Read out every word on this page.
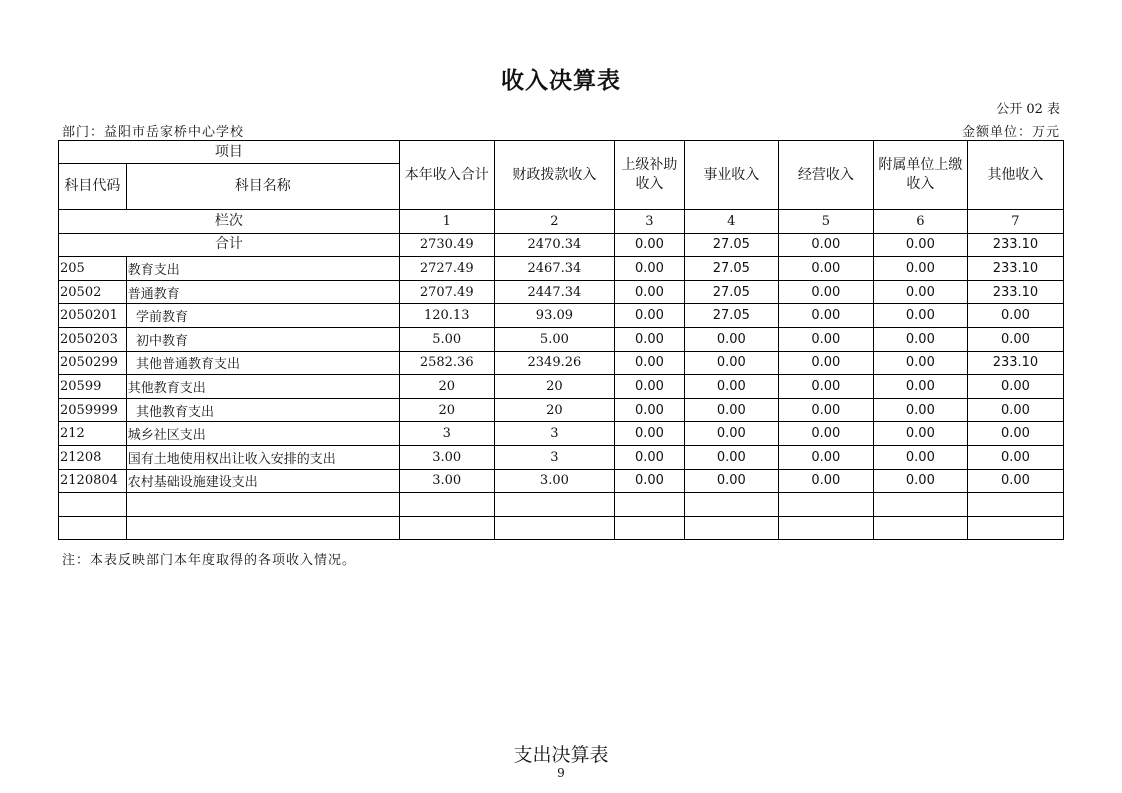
收入决算表
公开 02 表
部门：益阳市岳家桥中心学校	金额单位：万元
项目		本年收入合计	财政拨款收入	上级补助收入	事业收入	经营收入	附属单位上缴收入	其他收入
科目代码	科目名称							
栏次		1	2	3	4	5	6	7
合计		2730.49	2470.34	0.00	27.05	0.00	0.00	233.10
205	教育支出	2727.49	2467.34	0.00	27.05	0.00	0.00	233.10
20502	普通教育	2707.49	2447.34	0.00	27.05	0.00	0.00	233.10
2050201	学前教育	120.13	93.09	0.00	27.05	0.00	0.00	0.00
2050203	初中教育	5.00	5.00	0.00	0.00	0.00	0.00	0.00
2050299	其他普通教育支出	2582.36	2349.26	0.00	0.00	0.00	0.00	233.10
20599	其他教育支出	20	20	0.00	0.00	0.00	0.00	0.00
2059999	其他教育支出	20	20	0.00	0.00	0.00	0.00	0.00
212	城乡社区支出	3	3	0.00	0.00	0.00	0.00	0.00
21208	国有土地使用权出让收入安排的支出	3.00	3	0.00	0.00	0.00	0.00	0.00
2120804	农村基础设施建设支出	3.00	3.00	0.00	0.00	0.00	0.00	0.00

注：本表反映部门本年度取得的各项收入情况。
支出决算表
9
